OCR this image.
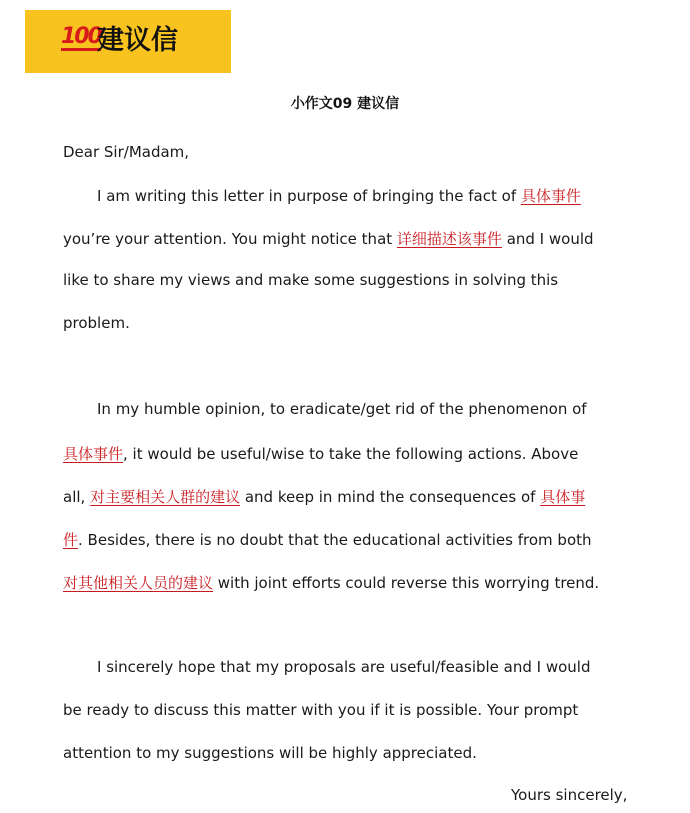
100
建议信
小作文09 建议信
Dear Sir/Madam,
I am writing this letter in purpose of bringing the fact of 具体事件
you’re your attention. You might notice that 详细描述该事件 and I would
like to share my views and make some suggestions in solving this
problem.
In my humble opinion, to eradicate/get rid of the phenomenon of
具体事件, it would be useful/wise to take the following actions. Above
all, 对主要相关人群的建议 and keep in mind the consequences of 具体事
件. Besides, there is no doubt that the educational activities from both
对其他相关人员的建议 with joint efforts could reverse this worrying trend.
I sincerely hope that my proposals are useful/feasible and I would
be ready to discuss this matter with you if it is possible. Your prompt
attention to my suggestions will be highly appreciated.
Yours sincerely,
